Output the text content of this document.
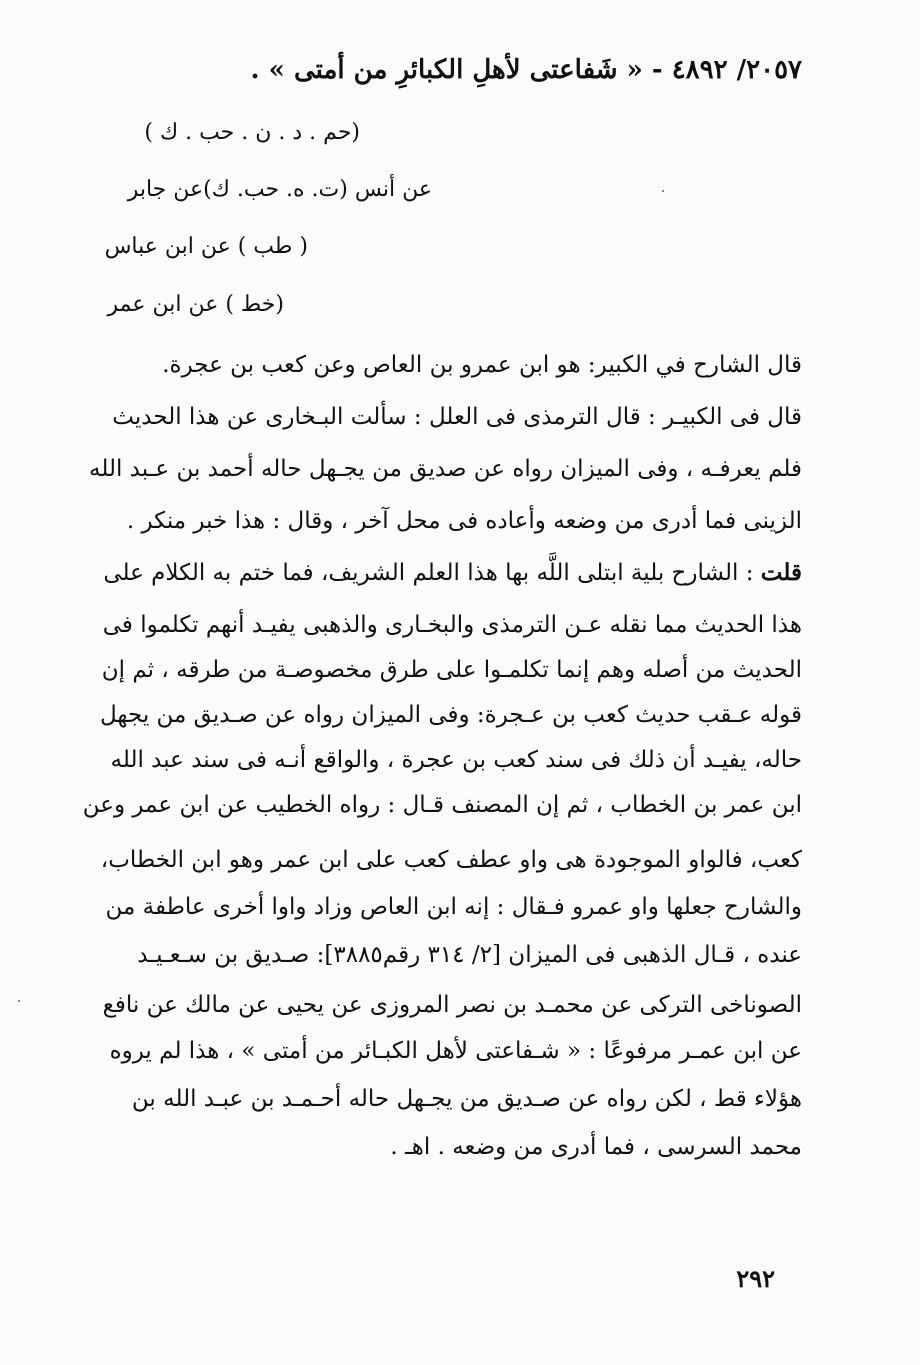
٢٠٥٧/ ٤٨٩٢ - « شَفاعتى لأهلِ الكبائرِ من أمتى » .
(حم . د . ن . حب . ك )
عن أنس (ت. ه. حب. ك)عن جابر
( طب ) عن ابن عباس
(خط ) عن ابن عمر
قال الشارح في الكبير: هو ابن عمرو بن العاص وعن كعب بن عجرة.
قال فى الكبيـر : قال الترمذى فى العلل : سألت البـخارى عن هذا الحديث
فلم يعرفـه ، وفى الميزان رواه عن صديق من يجـهل حاله أحمد بن عـبد الله
الزينى فما أدرى من وضعه وأعاده فى محل آخر ، وقال : هذا خبر منكر .
قلت : الشارح بلية ابتلى اللَّه بها هذا العلم الشريف، فما ختم به الكلام على
هذا الحديث مما نقله عـن الترمذى والبخـارى والذهبى يفيـد أنهم تكلموا فى
الحديث من أصله وهم إنما تكلمـوا على طرق مخصوصـة من طرقه ، ثم إن
قوله عـقب حديث كعب بن عـجرة: وفى الميزان رواه عن صـديق من يجهل
حاله، يفيـد أن ذلك فى سند كعب بن عجرة ، والواقع أنـه فى سند عبد الله
ابن عمر بن الخطاب ، ثم إن المصنف قـال : رواه الخطيب عن ابن عمر وعن
كعب، فالواو الموجودة هى واو عطف كعب على ابن عمر وهو ابن الخطاب،
والشارح جعلها واو عمرو فـقال : إنه ابن العاص وزاد واوا أخرى عاطفة من
عنده ، قـال الذهبى فى الميزان [٢/ ٣١٤ رقم٣٨٨٥]: صـديق بن سـعـيـد
الصوناخى التركى عن محمـد بن نصر المروزى عن يحيى عن مالك عن نافع
عن ابن عمـر مرفوعًا : « شـفاعتى لأهل الكبـائر من أمتى » ، هذا لم يروه
هؤلاء قط ، لكن رواه عن صـديق من يجـهل حاله أحـمـد بن عبـد الله بن
محمد السرسى ، فما أدرى من وضعه . اهـ .
٢٩٢
